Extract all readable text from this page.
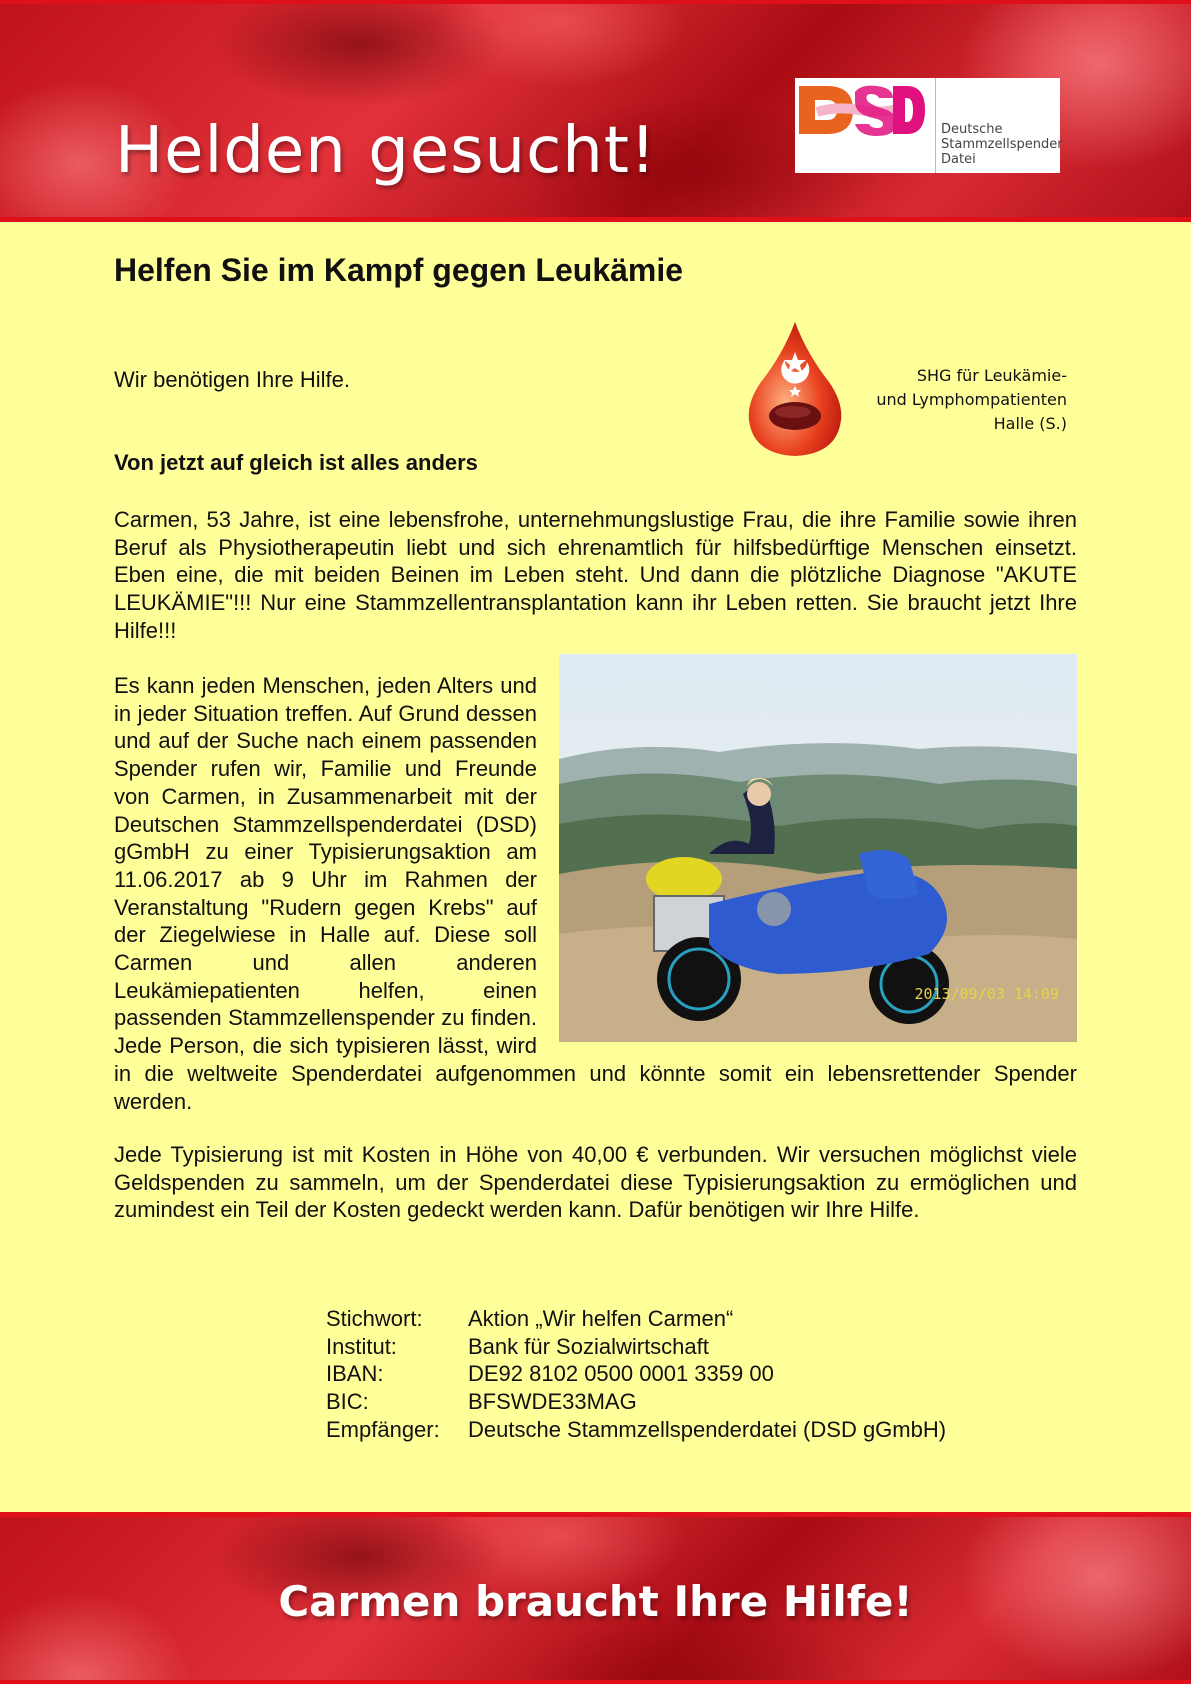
Helden gesucht!	Deutsche
Stammzellspender
Datei
Helfen Sie im Kampf gegen Leukämie
Wir benötigen Ihre Hilfe.	SHG für Leukämie-
und Lymphompatienten
Halle (S.)
Von jetzt auf gleich ist alles anders

Carmen, 53 Jahre, ist eine lebensfrohe, unternehmungslustige Frau, die ihre Familie sowie ihren Beruf als Physiotherapeutin liebt und sich ehrenamtlich für hilfsbedürftige Menschen einsetzt. Eben eine, die mit beiden Beinen im Leben steht. Und dann die plötzliche Diagnose "AKUTE LEUKÄMIE"!!! Nur eine Stammzellentransplantation kann ihr Leben retten. Sie braucht jetzt Ihre Hilfe!!!

2013/09/03 14:09

Es kann jeden Menschen, jeden Alters und in jeder Situation treffen. Auf Grund dessen und auf der Suche nach einem passenden Spender rufen wir, Familie und Freunde von Carmen, in Zusammenarbeit mit der Deutschen Stammzellspenderdatei (DSD) gGmbH zu einer Typisierungsaktion am 11.06.2017 ab 9 Uhr im Rahmen der Veranstaltung "Rudern gegen Krebs" auf der Ziegelwiese in Halle auf. Diese soll Carmen und allen anderen Leukämiepatienten helfen, einen passenden Stammzellenspender zu finden. Jede Person, die sich typisieren lässt, wird in die weltweite Spenderdatei aufgenommen und könnte somit ein lebensrettender Spender werden.

Jede Typisierung ist mit Kosten in Höhe von 40,00 € verbunden. Wir versuchen möglichst viele Geldspenden zu sammeln, um der Spenderdatei diese Typisierungsaktion zu ermöglichen und zumindest ein Teil der Kosten gedeckt werden kann. Dafür benötigen wir Ihre Hilfe.

Stichwort:	Aktion „Wir helfen Carmen“
Institut:	Bank für Sozialwirtschaft
IBAN:	DE92 8102 0500 0001 3359 00
BIC:	BFSWDE33MAG
Empfänger:	Deutsche Stammzellspenderdatei (DSD gGmbH)
Carmen braucht Ihre Hilfe!
